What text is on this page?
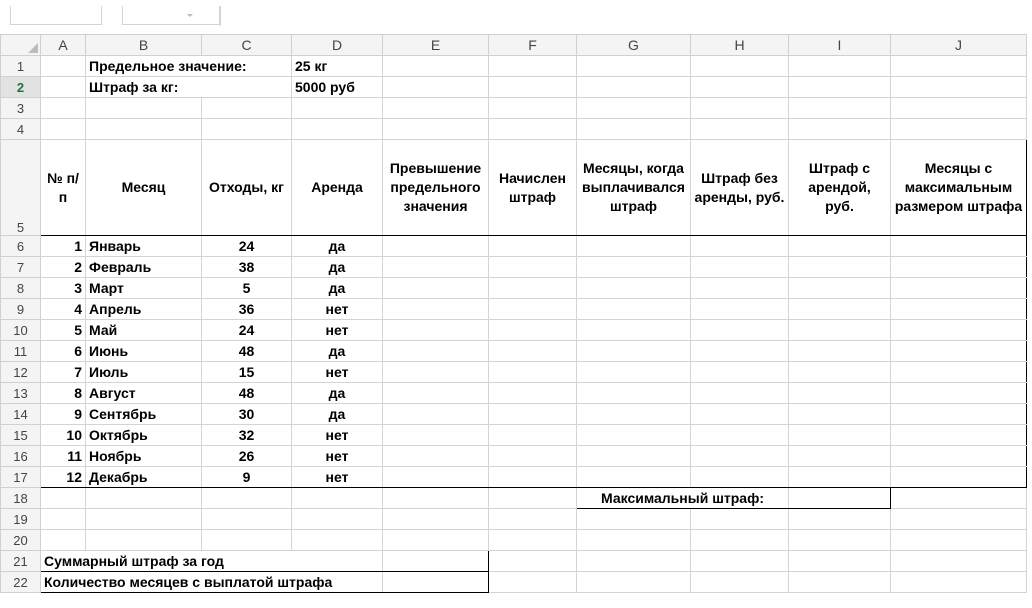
	A	B	C	D	E	F	G	H	I	J
1		Предельное значение:		25 кг						
2		Штраф за кг:		5000 руб						
3										
4										
5	№ п/п	Месяц	Отходы, кг	Аренда	Превышение предельного значения	Начислен штраф	Месяцы, когда выплачивался штраф	Штраф без аренды, руб.	Штраф с арендой, руб.	Месяцы с максимальным размером штрафа
6	1	Январь	24	да						
7	2	Февраль	38	да						
8	3	Март	5	да						
9	4	Апрель	36	нет						
10	5	Май	24	нет						
11	6	Июнь	48	да						
12	7	Июль	15	нет						
13	8	Август	48	да						
14	9	Сентябрь	30	да						
15	10	Октябрь	32	нет						
16	11	Ноябрь	26	нет						
17	12	Декабрь	9	нет						
18							Максимальный штраф:			
19										
20										
21	Суммарный штраф за год									
22	Количество месяцев с выплатой штрафа									
